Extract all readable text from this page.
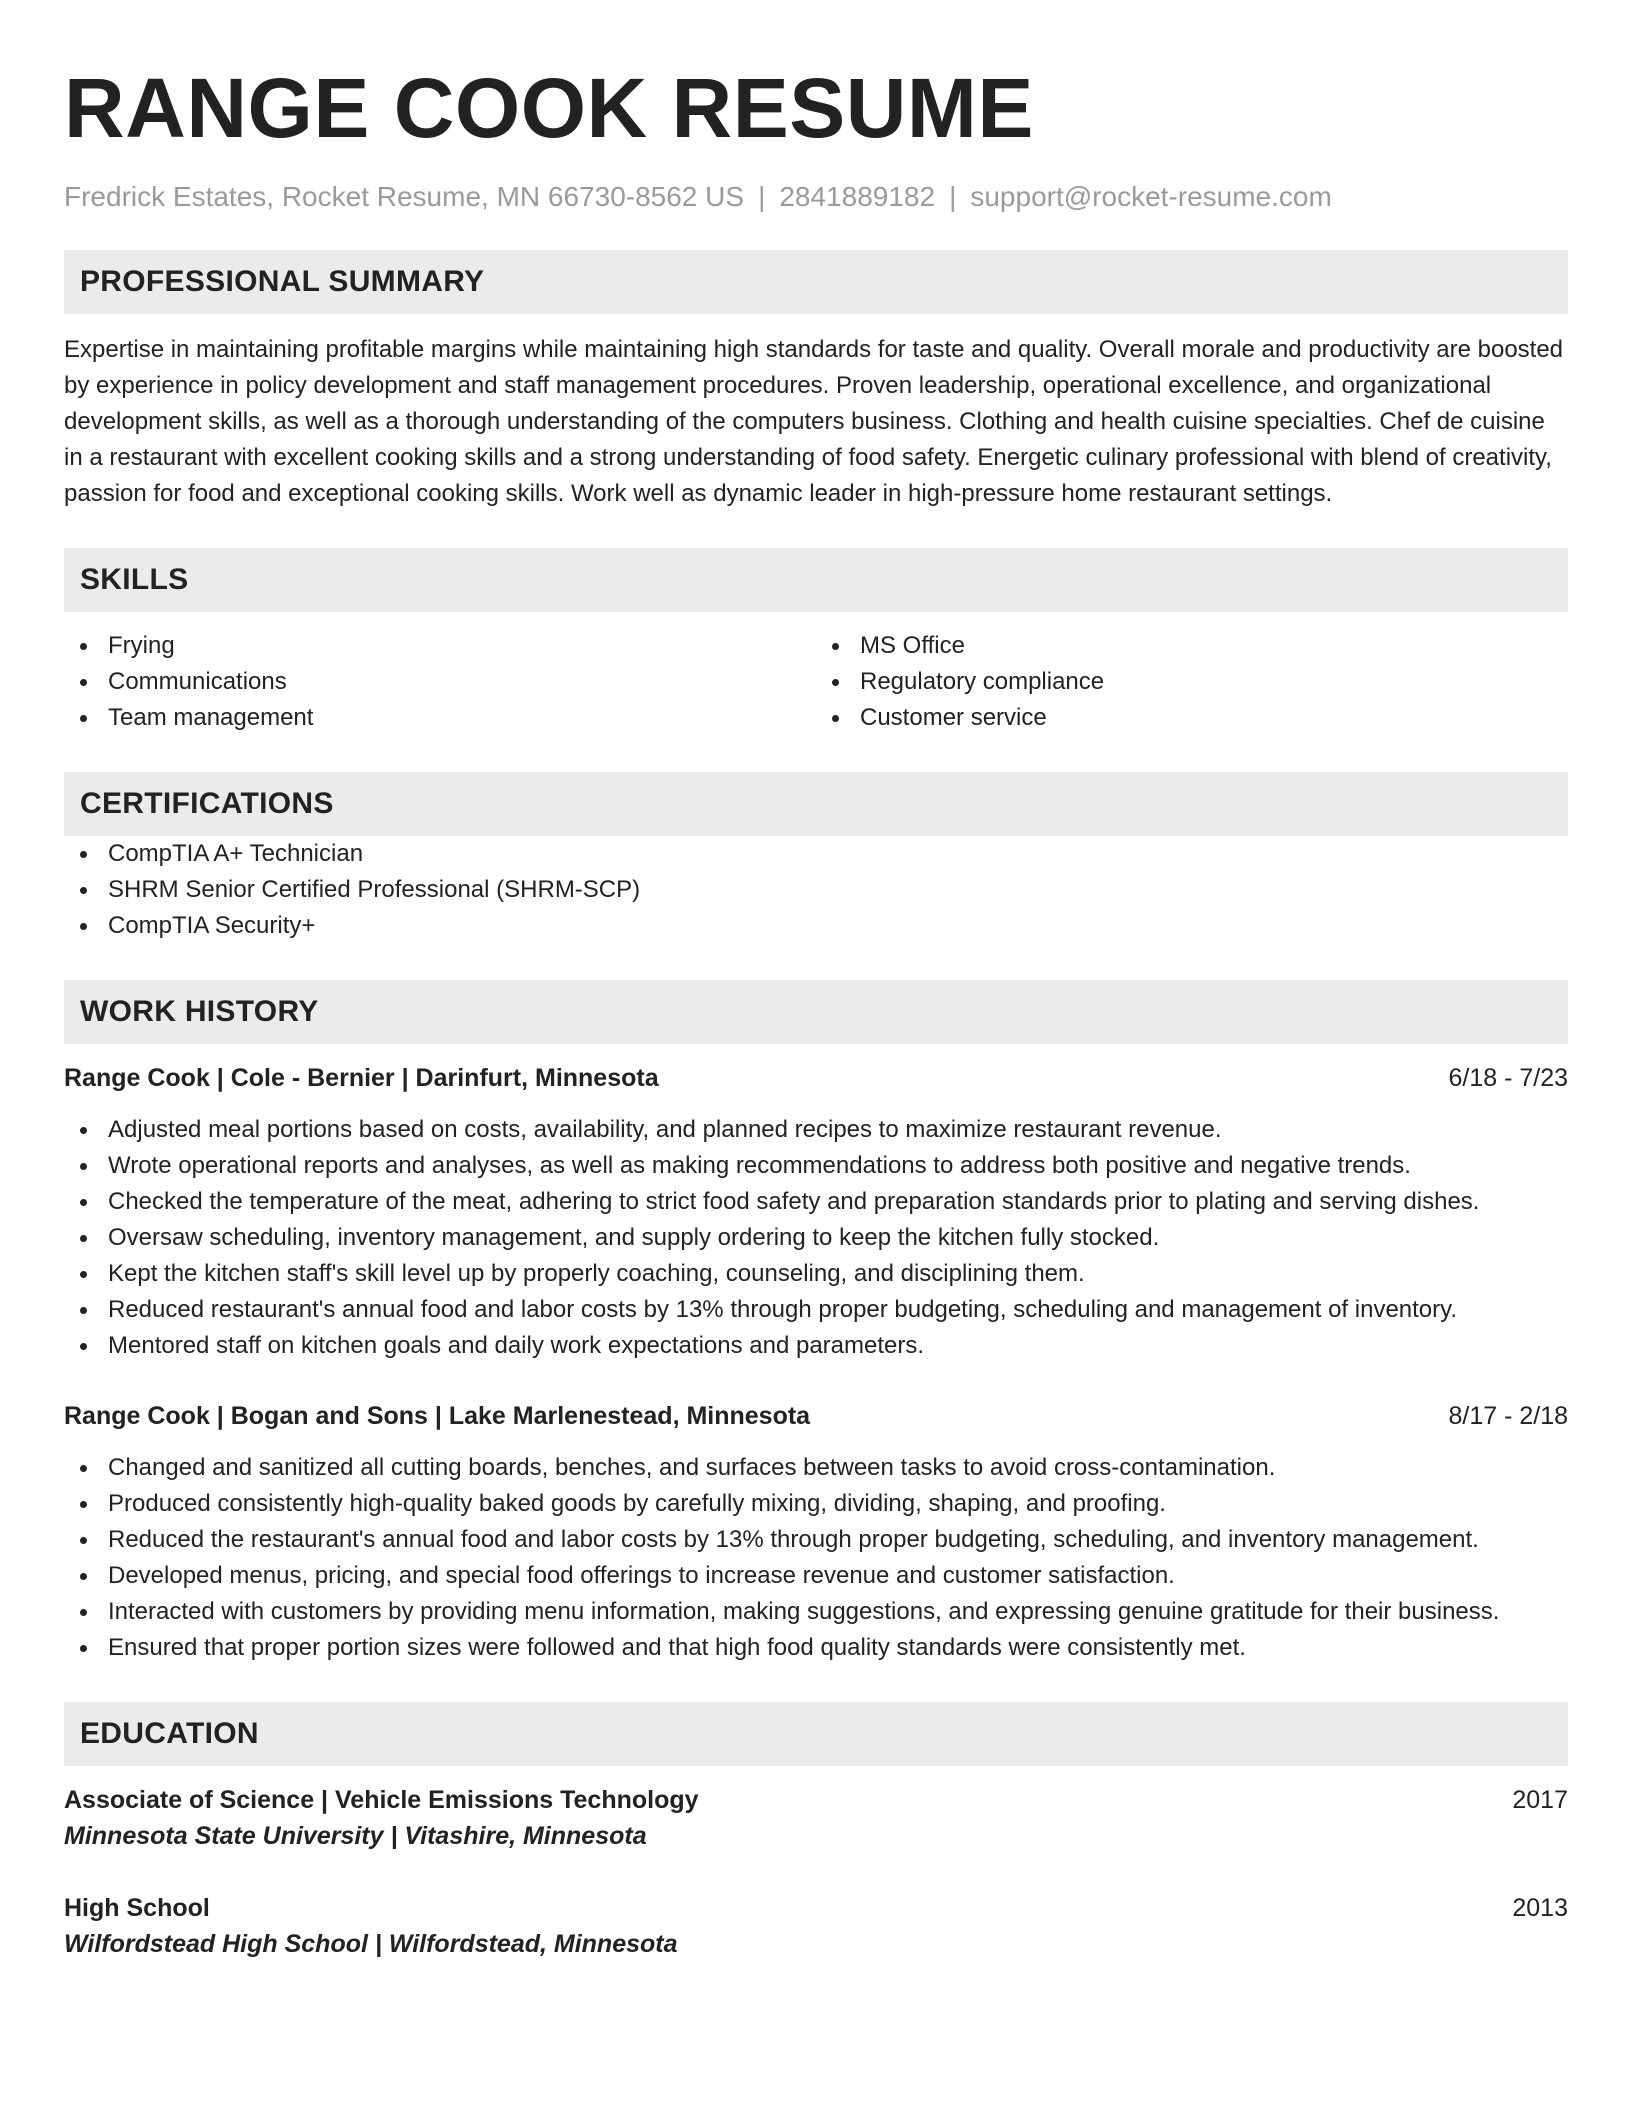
RANGE COOK RESUME
Fredrick Estates, Rocket Resume, MN 66730-8562 US | 2841889182 | support@rocket-resume.com
PROFESSIONAL SUMMARY

Expertise in maintaining profitable margins while maintaining high standards for taste and quality. Overall morale and productivity are boosted by experience in policy development and staff management procedures. Proven leadership, operational excellence, and organizational development skills, as well as a thorough understanding of the computers business. Clothing and health cuisine specialties. Chef de cuisine in a restaurant with excellent cooking skills and a strong understanding of food safety. Energetic culinary professional with blend of creativity, passion for food and exceptional cooking skills. Work well as dynamic leader in high-pressure home restaurant settings.

SKILLS
Frying
Communications
Team management
MS Office
Regulatory compliance
Customer service
CERTIFICATIONS
CompTIA A+ Technician
SHRM Senior Certified Professional (SHRM-SCP)
CompTIA Security+
WORK HISTORY
Range Cook | Cole - Bernier | Darinfurt, Minnesota	6/18 - 7/23
Adjusted meal portions based on costs, availability, and planned recipes to maximize restaurant revenue.
Wrote operational reports and analyses, as well as making recommendations to address both positive and negative trends.
Checked the temperature of the meat, adhering to strict food safety and preparation standards prior to plating and serving dishes.
Oversaw scheduling, inventory management, and supply ordering to keep the kitchen fully stocked.
Kept the kitchen staff's skill level up by properly coaching, counseling, and disciplining them.
Reduced restaurant's annual food and labor costs by 13% through proper budgeting, scheduling and management of inventory.
Mentored staff on kitchen goals and daily work expectations and parameters.
Range Cook | Bogan and Sons | Lake Marlenestead, Minnesota	8/17 - 2/18
Changed and sanitized all cutting boards, benches, and surfaces between tasks to avoid cross-contamination.
Produced consistently high-quality baked goods by carefully mixing, dividing, shaping, and proofing.
Reduced the restaurant's annual food and labor costs by 13% through proper budgeting, scheduling, and inventory management.
Developed menus, pricing, and special food offerings to increase revenue and customer satisfaction.
Interacted with customers by providing menu information, making suggestions, and expressing genuine gratitude for their business.
Ensured that proper portion sizes were followed and that high food quality standards were consistently met.
EDUCATION
Associate of Science | Vehicle Emissions Technology	2017
Minnesota State University | Vitashire, Minnesota
High School	2013
Wilfordstead High School | Wilfordstead, Minnesota
